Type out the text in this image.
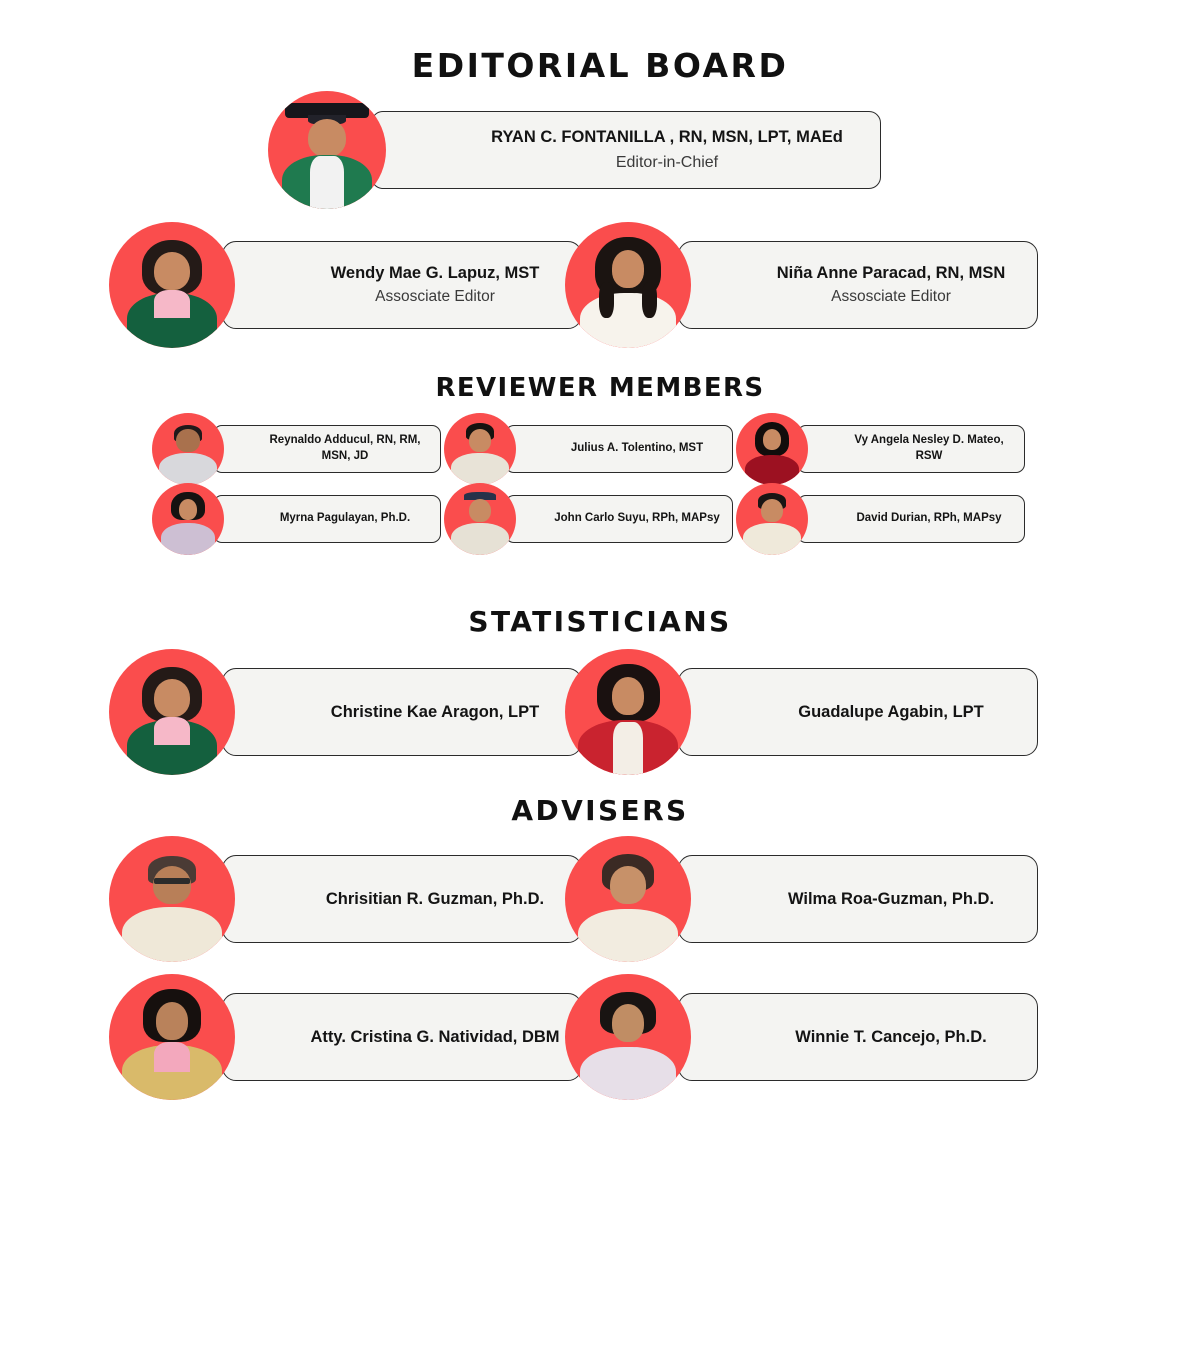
EDITORIAL BOARD
RYAN C. FONTANILLA , RN, MSN, LPT, MAEd
Editor-in-Chief
Wendy Mae G. Lapuz, MST
Assosciate Editor
Niña Anne Paracad, RN, MSN
Assosciate Editor
REVIEWER MEMBERS
Reynaldo Adducul, RN, RM, MSN, JD
Julius A. Tolentino, MST
Vy Angela Nesley D. Mateo, RSW
Myrna Pagulayan, Ph.D.	John Carlo Suyu, RPh, MAPsy	David Durian, RPh, MAPsy
STATISTICIANS
Christine Kae Aragon, LPT	Guadalupe Agabin, LPT
ADVISERS
Chrisitian R. Guzman, Ph.D.	Wilma Roa-Guzman, Ph.D.
Atty. Cristina G. Natividad, DBM	Winnie T. Cancejo, Ph.D.
